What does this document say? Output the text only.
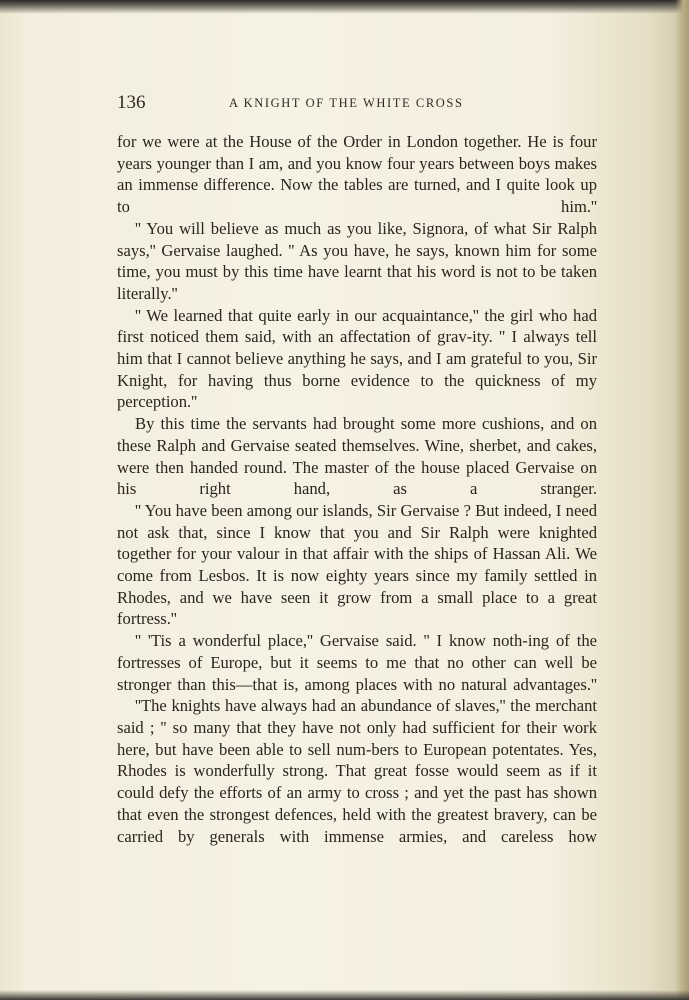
136	A KNIGHT OF THE WHITE CROSS

for we were at the House of the Order in London together. He is four years younger than I am, and you know four years between boys makes an immense difference. Now the tables are turned, and I quite look up to him.''

'' You will believe as much as you like, Signora, of what Sir Ralph says,'' Gervaise laughed. '' As you have, he says, known him for some time, you must by this time have learnt that his word is not to be taken literally.''

'' We learned that quite early in our acquaintance,'' the girl who had first noticed them said, with an affectation of grav-ity. '' I always tell him that I cannot believe anything he says, and I am grateful to you, Sir Knight, for having thus borne evidence to the quickness of my perception.''

By this time the servants had brought some more cushions, and on these Ralph and Gervaise seated themselves. Wine, sherbet, and cakes, were then handed round. The master of the house placed Gervaise on his right hand, as a stranger.

'' You have been among our islands, Sir Gervaise ? But indeed, I need not ask that, since I know that you and Sir Ralph were knighted together for your valour in that affair with the ships of Hassan Ali. We come from Lesbos. It is now eighty years since my family settled in Rhodes, and we have seen it grow from a small place to a great fortress.''

'' 'Tis a wonderful place,'' Gervaise said. '' I know noth-ing of the fortresses of Europe, but it seems to me that no other can well be stronger than this—that is, among places with no natural advantages.''

''The knights have always had an abundance of slaves,'' the merchant said ; '' so many that they have not only had sufficient for their work here, but have been able to sell num-bers to European potentates. Yes, Rhodes is wonderfully strong. That great fosse would seem as if it could defy the efforts of an army to cross ; and yet the past has shown that even the strongest defences, held with the greatest bravery, can be carried by generals with immense armies, and careless how
